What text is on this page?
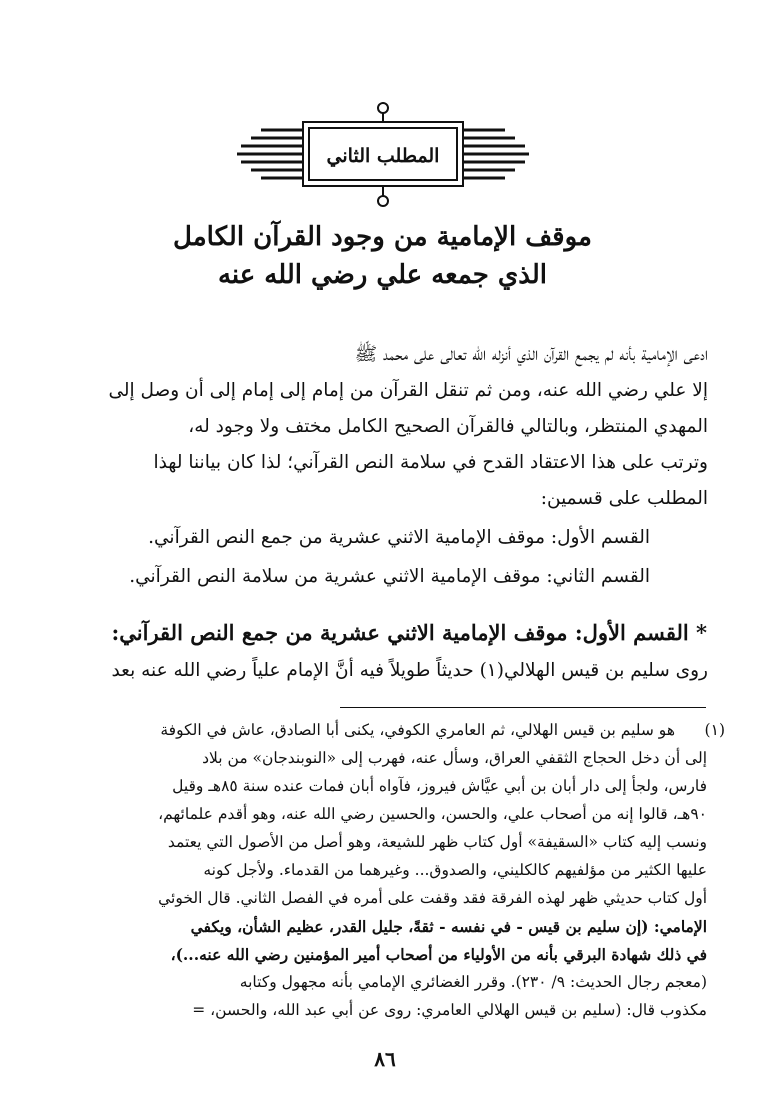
المطلب الثاني
موقف الإمامية من وجود القرآن الكامل
الذي جمعه علي رضي الله عنه
ادعى الإمامية بأنه لم يجمع القرآن الذي أنزله الله تعالى على محمد ﷺ
إلا علي رضي الله عنه، ومن ثم تنقل القرآن من إمام إلى إمام إلى أن وصل إلى
المهدي المنتظر، وبالتالي فالقرآن الصحيح الكامل مختف ولا وجود له،
وترتب على هذا الاعتقاد القدح في سلامة النص القرآني؛ لذا كان بياننا لهذا
المطلب على قسمين:
القسم الأول: موقف الإمامية الاثني عشرية من جمع النص القرآني.
القسم الثاني: موقف الإمامية الاثني عشرية من سلامة النص القرآني.
* القسم الأول: موقف الإمامية الاثني عشرية من جمع النص القرآني:
روى سليم بن قيس الهلالي(١) حديثاً طويلاً فيه أنَّ الإمام علياً رضي الله عنه بعد
(١)
هو سليم بن قيس الهلالي، ثم العامري الكوفي، يكنى أبا الصادق، عاش في الكوفة
إلى أن دخل الحجاج الثقفي العراق، وسأل عنه، فهرب إلى «النوبندجان» من بلاد
فارس، ولجأ إلى دار أبان بن أبي عيَّاش فيروز، فآواه أبان فمات عنده سنة ٨٥هـ وقيل
٩٠هـ، قالوا إنه من أصحاب علي، والحسن، والحسين رضي الله عنه، وهو أقدم علمائهم،
ونسب إليه كتاب «السقيفة» أول كتاب ظهر للشيعة، وهو أصل من الأصول التي يعتمد
عليها الكثير من مؤلفيهم كالكليني، والصدوق... وغيرهما من القدماء. ولأجل كونه
أول كتاب حديثي ظهر لهذه الفرقة فقد وقفت على أمره في الفصل الثاني. قال الخوئي
الإمامي: (إن سليم بن قيس - في نفسه - ثقةً، جليل القدر، عظيم الشأن، ويكفي
في ذلك شهادة البرقي بأنه من الأولياء من أصحاب أمير المؤمنين رضي الله عنه...)،
(معجم رجال الحديث: ٩/ ٢٣٠). وقرر الغضائري الإمامي بأنه مجهول وكتابه
مكذوب قال: (سليم بن قيس الهلالي العامري: روى عن أبي عبد الله، والحسن، =
٨٦
